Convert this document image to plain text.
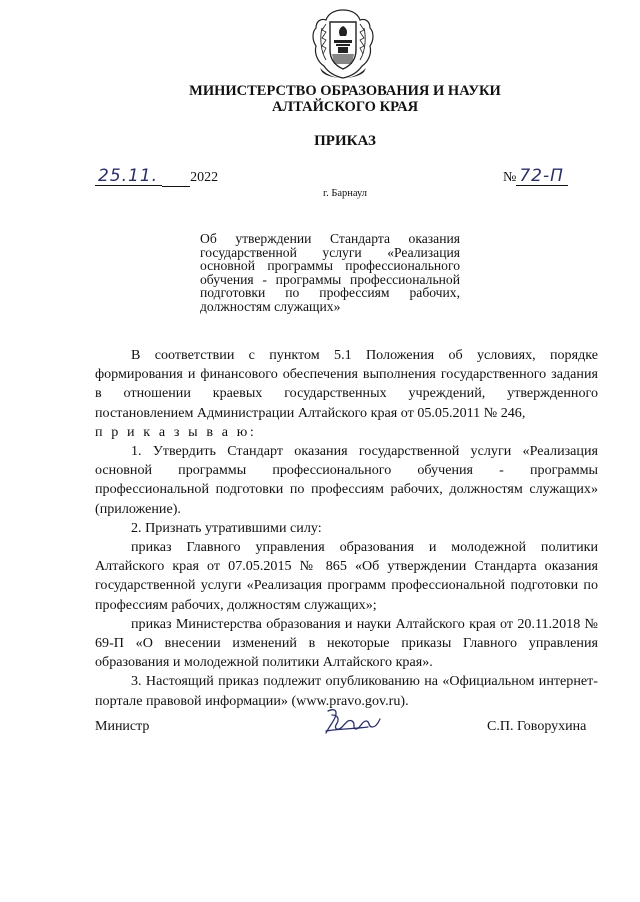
МИНИСТЕРСТВО ОБРАЗОВАНИЯ И НАУКИ
АЛТАЙСКОГО КРАЯ
ПРИКАЗ
25.11. 2022	№ 72-П
г. Барнаул
Об утверждении Стандарта оказания государственной услуги «Реализация основной программы профессионального обучения - программы профессиональной подготовки по профессиям рабочих, должностям служащих»

В соответствии с пунктом 5.1 Положения об условиях, порядке формирования и финансового обеспечения выполнения государственного задания в отношении краевых государственных учреждений, утвержденного постановлением Администрации Алтайского края от 05.05.2011 № 246,

п р и к а з ы в а ю:

1. Утвердить Стандарт оказания государственной услуги «Реализация основной программы профессионального обучения - программы профессиональной подготовки по профессиям рабочих, должностям служащих» (приложение).

2. Признать утратившими силу:

приказ Главного управления образования и молодежной политики Алтайского края от 07.05.2015 № 865 «Об утверждении Стандарта оказания государственной услуги «Реализация программ профессиональной подготовки по профессиям рабочих, должностям служащих»;

приказ Министерства образования и науки Алтайского края от 20.11.2018 № 69-П «О внесении изменений в некоторые приказы Главного управления образования и молодежной политики Алтайского края».

3. Настоящий приказ подлежит опубликованию на «Официальном интернет-портале правовой информации» (www.pravo.gov.ru).

Министр	С.П. Говорухина
